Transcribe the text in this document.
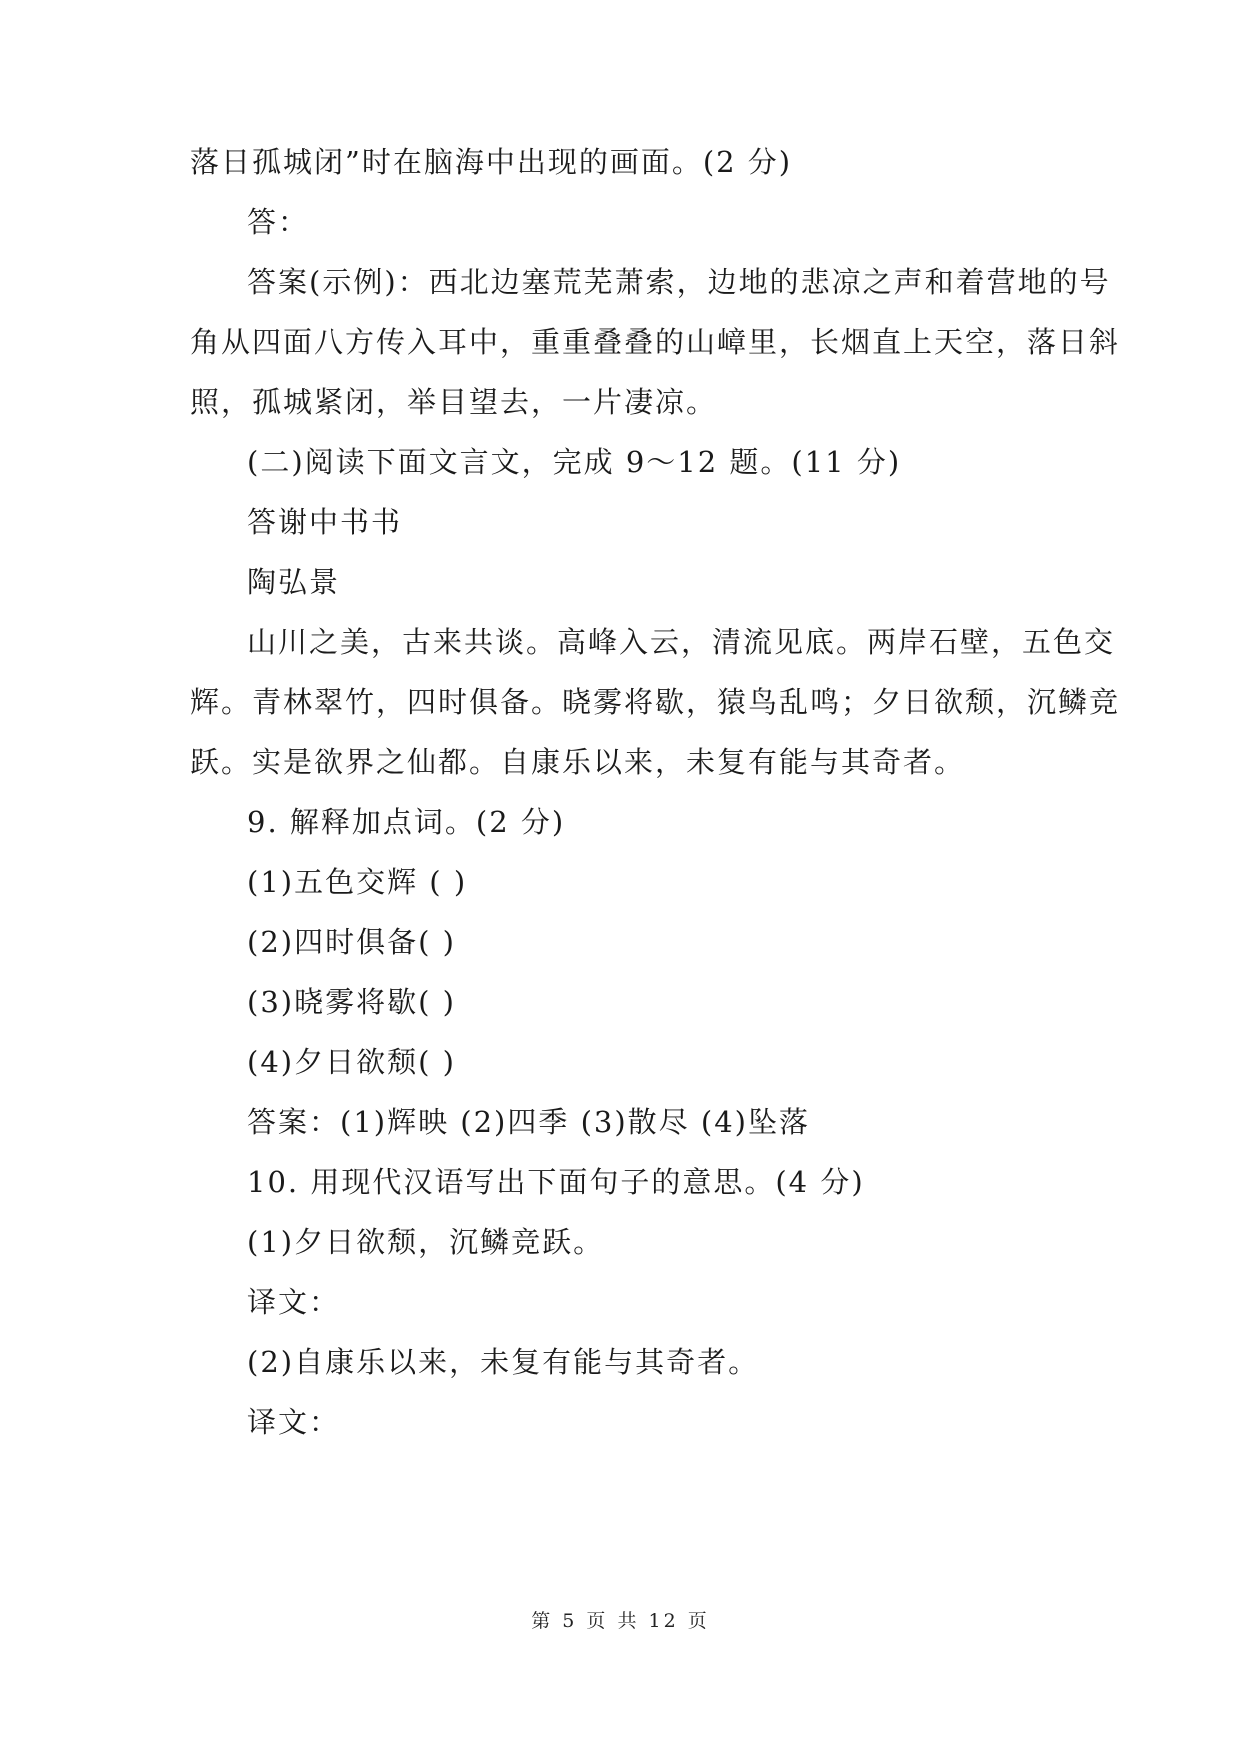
落日孤城闭”时在脑海中出现的画面。(2 分)
答：
答案(示例)：西北边塞荒芜萧索，边地的悲凉之声和着营地的号
角从四面八方传入耳中，重重叠叠的山嶂里，长烟直上天空，落日斜
照，孤城紧闭，举目望去，一片凄凉。
(二)阅读下面文言文，完成 9～12 题。(11 分)
答谢中书书
陶弘景
山川之美，古来共谈。高峰入云，清流见底。两岸石壁，五色交
辉。青林翠竹，四时俱备。晓雾将歇，猿鸟乱鸣；夕日欲颓，沉鳞竞
跃。实是欲界之仙都。自康乐以来，未复有能与其奇者。
9. 解释加点词。(2 分)
(1)五色交辉 ( )
(2)四时俱备( )
(3)晓雾将歇( )
(4)夕日欲颓( )
答案：(1)辉映 (2)四季 (3)散尽 (4)坠落
10. 用现代汉语写出下面句子的意思。(4 分)
(1)夕日欲颓，沉鳞竞跃。
译文：
(2)自康乐以来，未复有能与其奇者。
译文：
第 5 页 共 12 页
